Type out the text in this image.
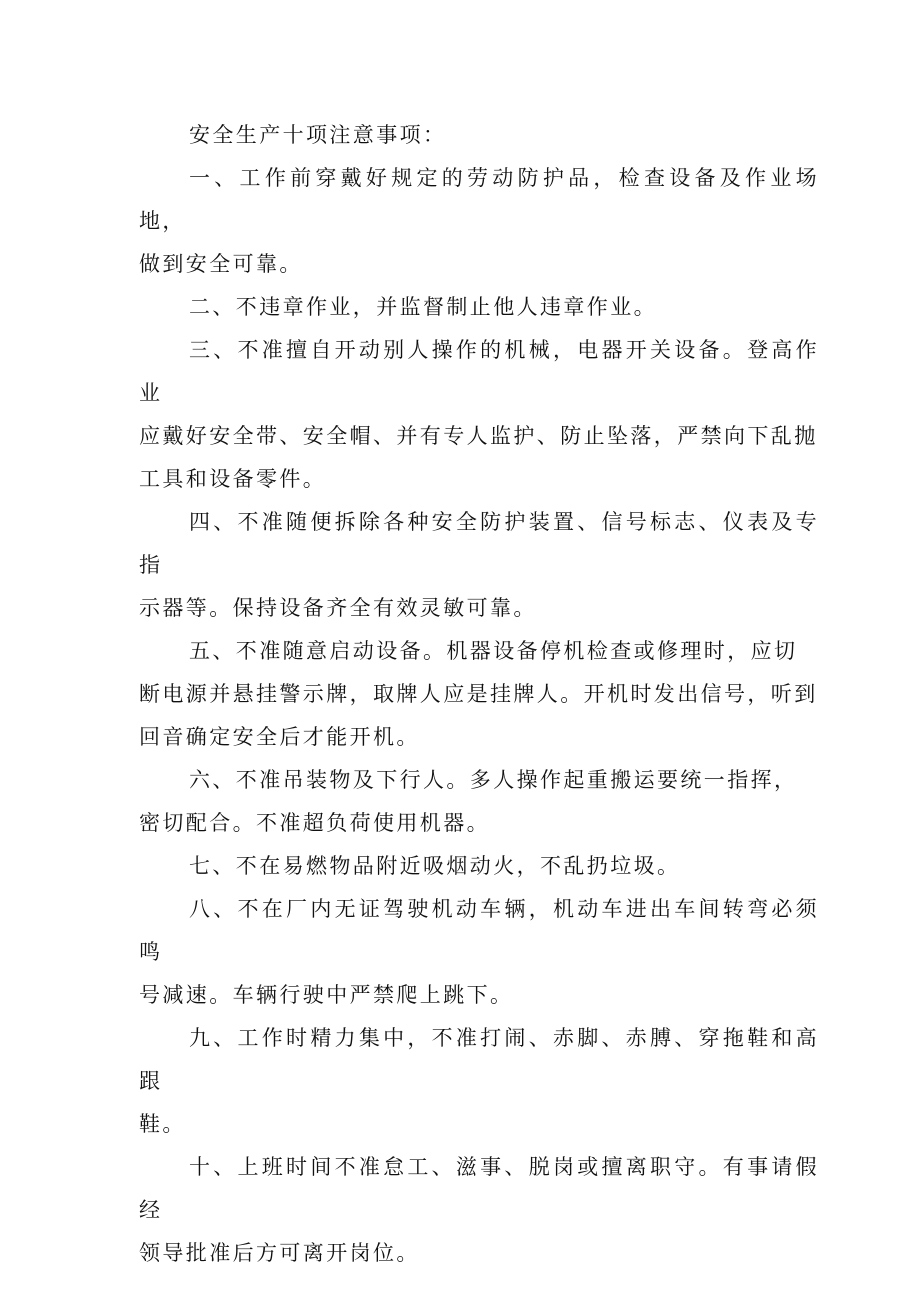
安全生产十项注意事项：

一、工作前穿戴好规定的劳动防护品，检查设备及作业场地，
做到安全可靠。

二、不违章作业，并监督制止他人违章作业。

三、不准擅自开动别人操作的机械，电器开关设备。登高作业
应戴好安全带、安全帽、并有专人监护、防止坠落，严禁向下乱抛
工具和设备零件。

四、不准随便拆除各种安全防护装置、信号标志、仪表及专指
示器等。保持设备齐全有效灵敏可靠。

五、不准随意启动设备。机器设备停机检查或修理时，应切
断电源并悬挂警示牌，取牌人应是挂牌人。开机时发出信号，听到
回音确定安全后才能开机。

六、不准吊装物及下行人。多人操作起重搬运要统一指挥，
密切配合。不准超负荷使用机器。

七、不在易燃物品附近吸烟动火，不乱扔垃圾。

八、不在厂内无证驾驶机动车辆，机动车进出车间转弯必须鸣
号减速。车辆行驶中严禁爬上跳下。

九、工作时精力集中，不准打闹、赤脚、赤膊、穿拖鞋和高跟
鞋。

十、上班时间不准怠工、滋事、脱岗或擅离职守。有事请假经
领导批准后方可离开岗位。
